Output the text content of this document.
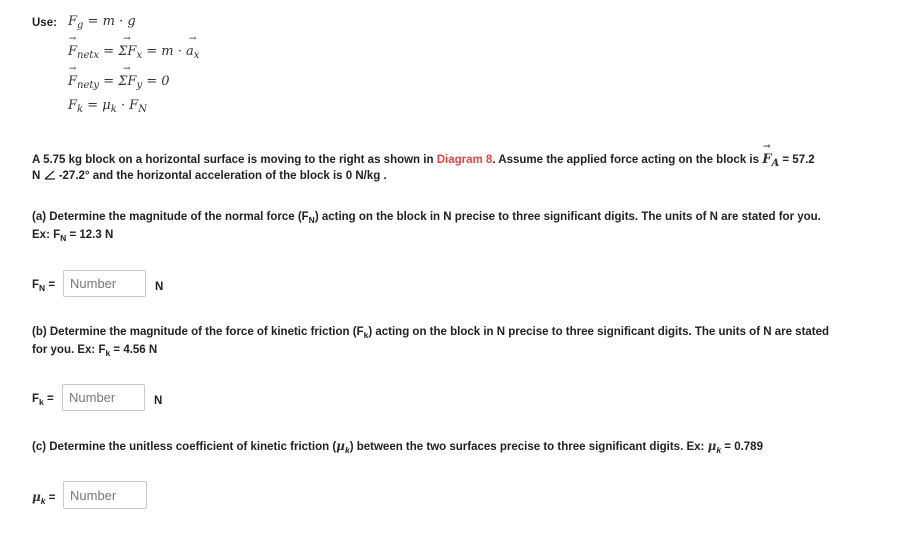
Use: $F_g = m \cdot g$
→
$F_{netx} = \Sigma F$
→
$_x$ = m ·
→
$a_x$
→
$F_{nety} = \Sigma F$
→
$_y$ = 0
$F_k = \mu_k \cdot F_N$
A 5.75 kg block on a horizontal surface is moving to the right as shown in Diagram 8. Assume the applied force acting on the block is
→
FA = 57.2
N  -27.2° and the horizontal acceleration of the block is 0 N/kg .
(a) Determine the magnitude of the normal force $(F_N)$ acting on the block in N precise to three significant digits. The units of N are stated for you.
Ex: $F_N = 12.3$ N
$F_N$ =
Number	N
(b) Determine the magnitude of the force of kinetic friction $(F_k)$ acting on the block in N precise to three significant digits. The units of N are stated
for you. Ex: $F_k = 4.56$ N
$F_k$ =
Number	N
(c) Determine the unitless coefficient of kinetic friction $(\mu_k)$ between the two surfaces precise to three significant digits. Ex: $\mu_k = 0.789$
$\mu_k$ =
Number
